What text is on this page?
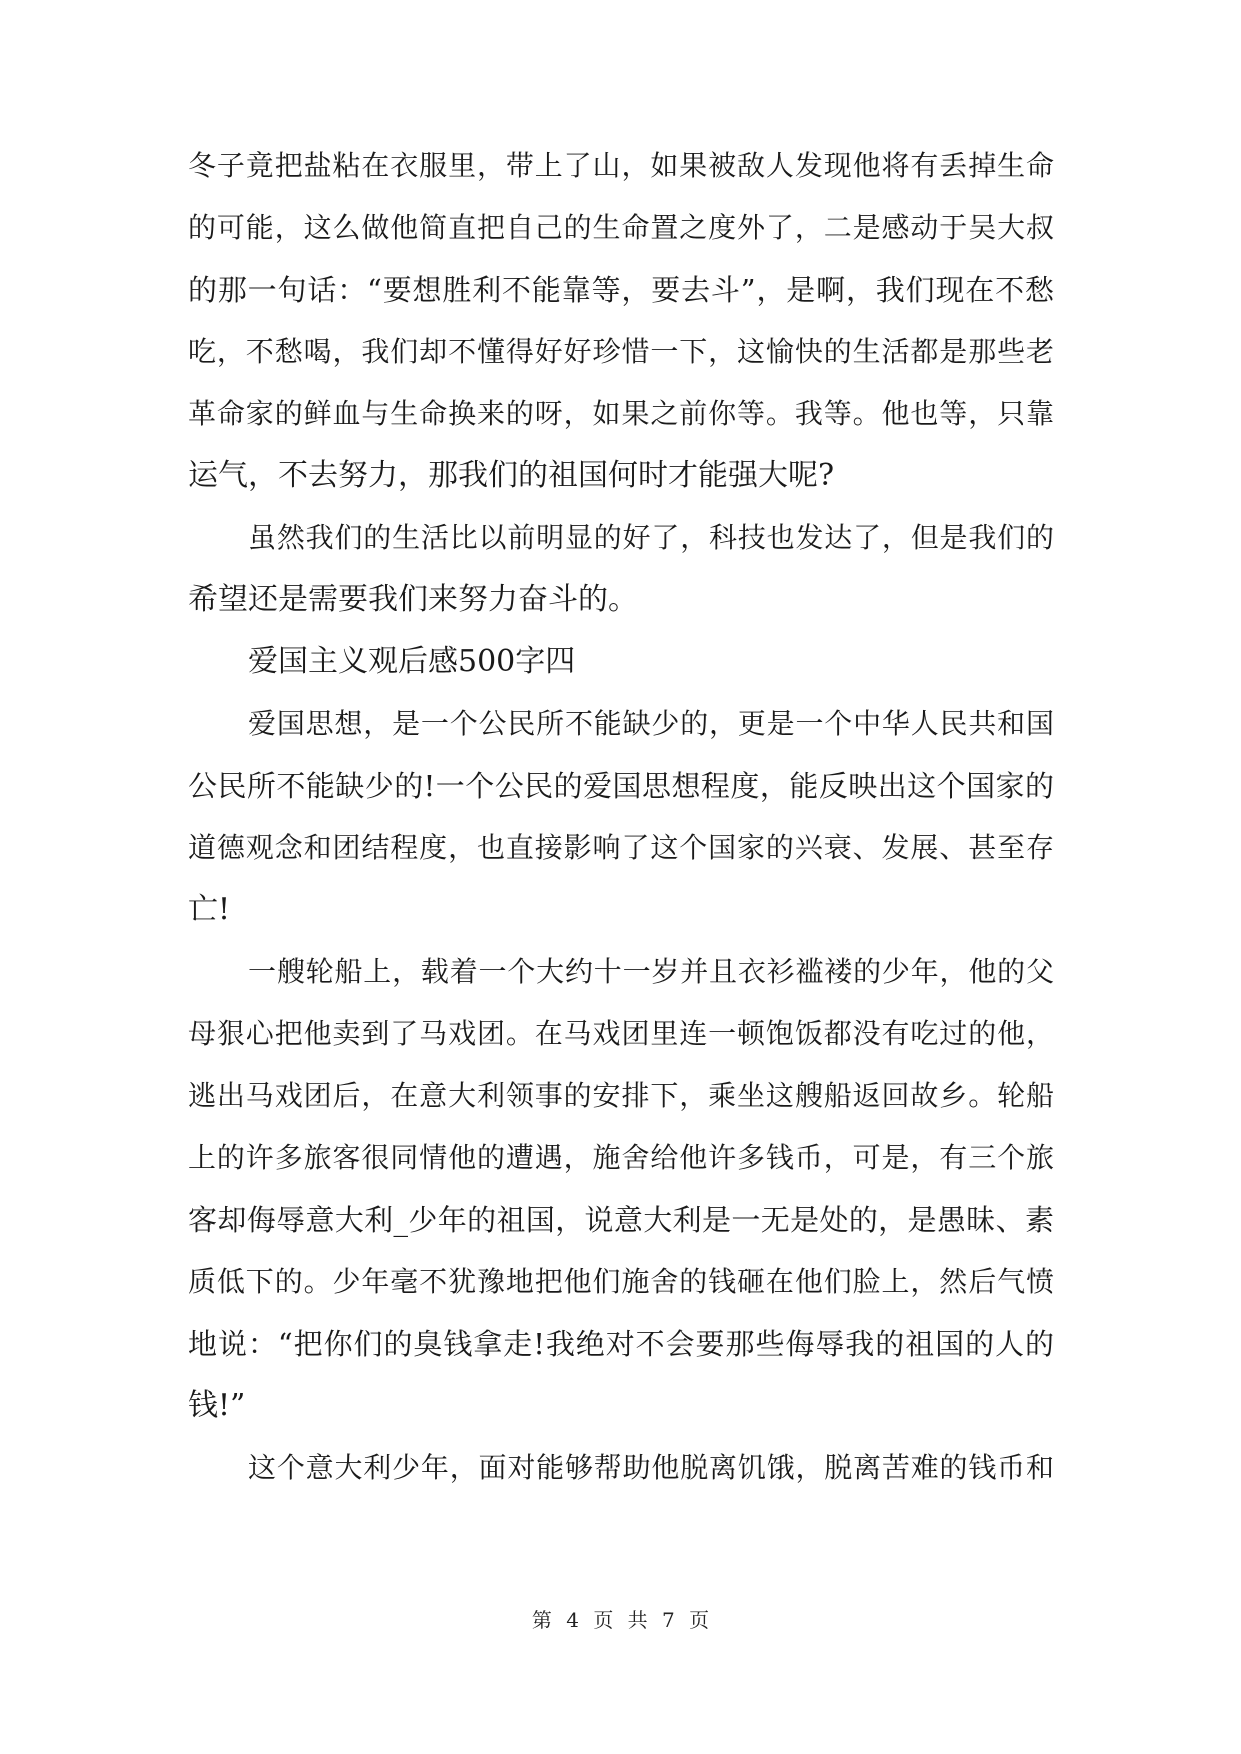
冬子竟把盐粘在衣服里，带上了山，如果被敌人发现他将有丢掉生命
的可能，这么做他简直把自己的生命置之度外了，二是感动于吴大叔
的那一句话：“要想胜利不能靠等，要去斗”，是啊，我们现在不愁
吃，不愁喝，我们却不懂得好好珍惜一下，这愉快的生活都是那些老
革命家的鲜血与生命换来的呀，如果之前你等。我等。他也等，只靠
运气，不去努力，那我们的祖国何时才能强大呢?
虽然我们的生活比以前明显的好了，科技也发达了，但是我们的
希望还是需要我们来努力奋斗的。
爱国主义观后感500字四
爱国思想，是一个公民所不能缺少的，更是一个中华人民共和国
公民所不能缺少的!一个公民的爱国思想程度，能反映出这个国家的
道德观念和团结程度，也直接影响了这个国家的兴衰、发展、甚至存
亡!
一艘轮船上，载着一个大约十一岁并且衣衫褴褛的少年，他的父
母狠心把他卖到了马戏团。在马戏团里连一顿饱饭都没有吃过的他，
逃出马戏团后，在意大利领事的安排下，乘坐这艘船返回故乡。轮船
上的许多旅客很同情他的遭遇，施舍给他许多钱币，可是，有三个旅
客却侮辱意大利_少年的祖国，说意大利是一无是处的，是愚昧、素
质低下的。少年毫不犹豫地把他们施舍的钱砸在他们脸上，然后气愤
地说：“把你们的臭钱拿走!我绝对不会要那些侮辱我的祖国的人的
钱!”
这个意大利少年，面对能够帮助他脱离饥饿，脱离苦难的钱币和
第 4 页 共 7 页
